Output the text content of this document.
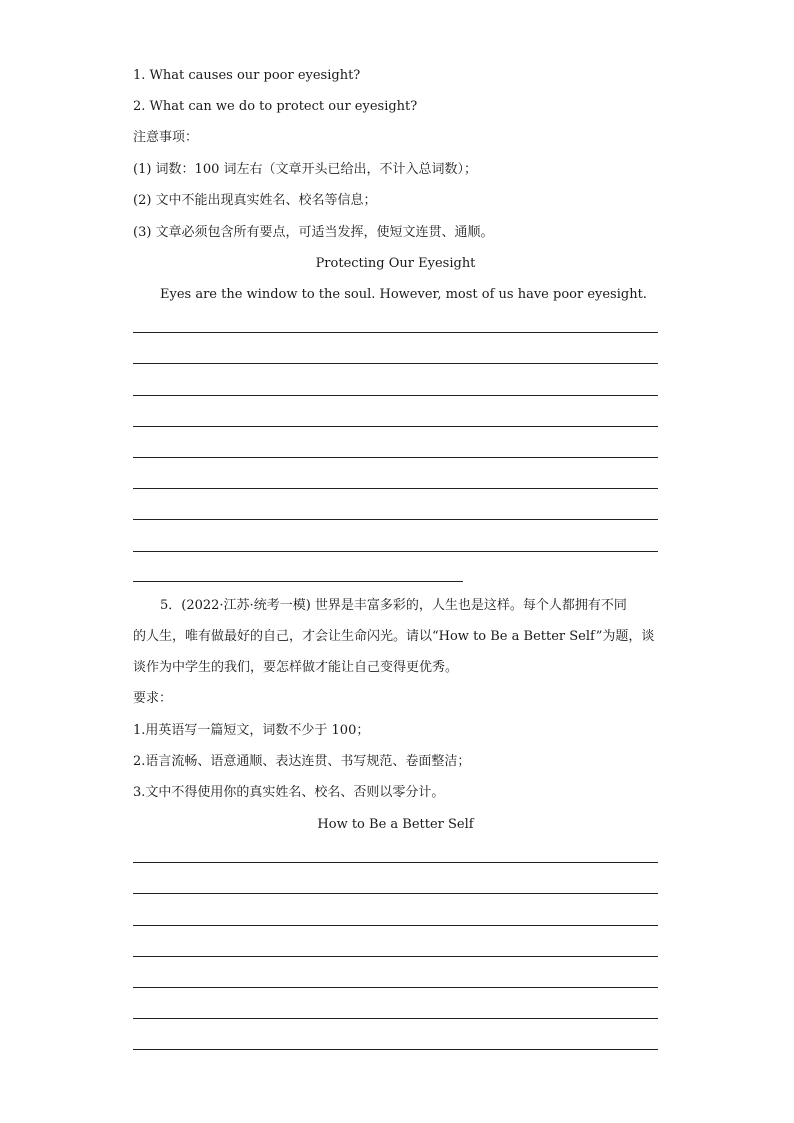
1. What causes our poor eyesight?
2. What can we do to protect our eyesight?
注意事项：
(1) 词数：100 词左右（文章开头已给出，不计入总词数）；
(2) 文中不能出现真实姓名、校名等信息；
(3) 文章必须包含所有要点，可适当发挥，使短文连贯、通顺。
Protecting Our Eyesight
Eyes are the window to the soul. However, most of us have poor eyesight.
5．(2022·江苏·统考一模) 世界是丰富多彩的，人生也是这样。每个人都拥有不同
的人生，唯有做最好的自己，才会让生命闪光。请以“How to Be a Better Self”为题，谈
谈作为中学生的我们，要怎样做才能让自己变得更优秀。
要求：
1.用英语写一篇短文，词数不少于 100；
2.语言流畅、语意通顺、表达连贯、书写规范、卷面整洁；
3.文中不得使用你的真实姓名、校名、否则以零分计。
How to Be a Better Self
